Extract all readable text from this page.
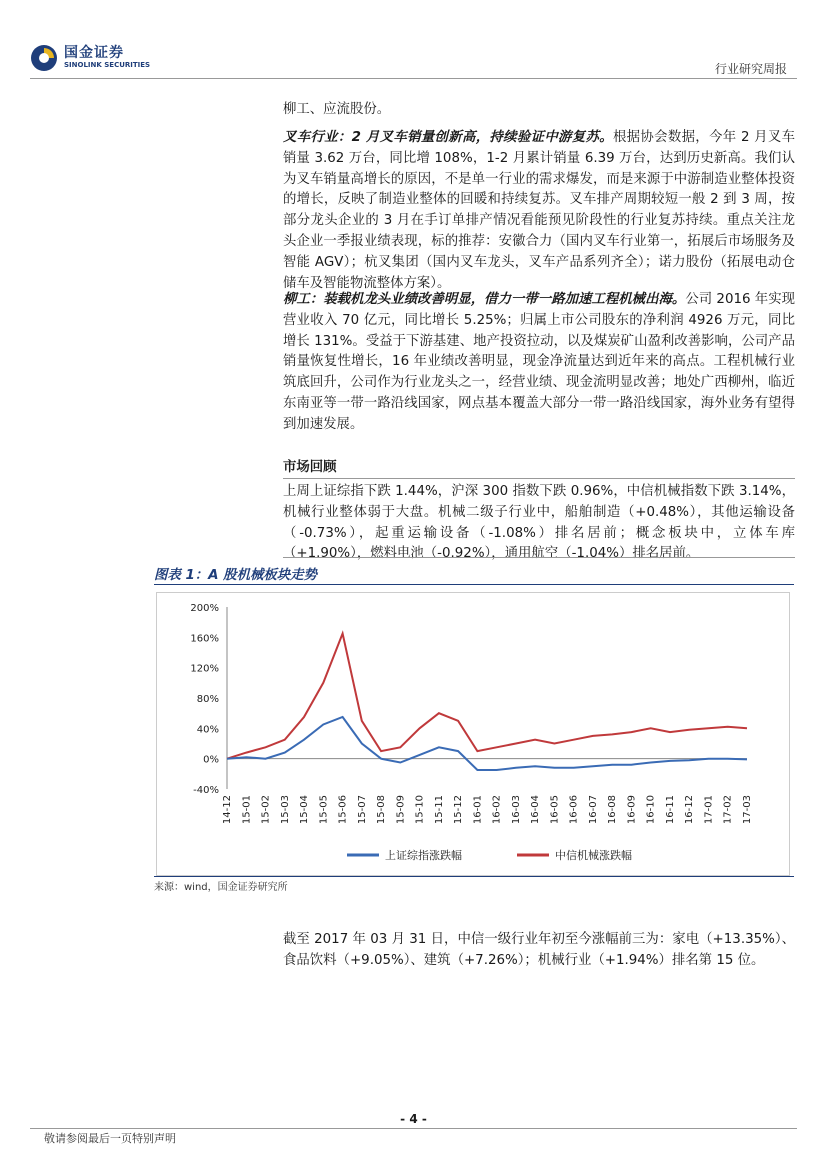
国金证券
SINOLINK SECURITIES	行业研究周报

柳工、应流股份。

叉车行业：2 月叉车销量创新高，持续验证中游复苏。根据协会数据，今年 2 月叉车销量 3.62 万台，同比增 108%，1-2 月累计销量 6.39 万台，达到历史新高。我们认为叉车销量高增长的原因，不是单一行业的需求爆发，而是来源于中游制造业整体投资的增长，反映了制造业整体的回暖和持续复苏。叉车排产周期较短一般 2 到 3 周，按部分龙头企业的 3 月在手订单排产情况看能预见阶段性的行业复苏持续。重点关注龙头企业一季报业绩表现，标的推荐：安徽合力（国内叉车行业第一，拓展后市场服务及智能 AGV）；杭叉集团（国内叉车龙头，叉车产品系列齐全）；诺力股份（拓展电动仓储车及智能物流整体方案）。

柳工：装载机龙头业绩改善明显，借力一带一路加速工程机械出海。公司 2016 年实现营业收入 70 亿元，同比增长 5.25%；归属上市公司股东的净利润 4926 万元，同比增长 131%。受益于下游基建、地产投资拉动，以及煤炭矿山盈利改善影响，公司产品销量恢复性增长，16 年业绩改善明显，现金净流量达到近年来的高点。工程机械行业筑底回升，公司作为行业龙头之一，经营业绩、现金流明显改善；地处广西柳州，临近东南亚等一带一路沿线国家，网点基本覆盖大部分一带一路沿线国家，海外业务有望得到加速发展。

市场回顾

上周上证综指下跌 1.44%，沪深 300 指数下跌 0.96%，中信机械指数下跌 3.14%，机械行业整体弱于大盘。机械二级子行业中，船舶制造（+0.48%），其他运输设备（-0.73%），起重运输设备（-1.08%）排名居前；概念板块中，立体车库（+1.90%），燃料电池（-0.92%），通用航空（-1.04%）排名居前。

图表 1：A 股机械板块走势
-40%
0%
40%
80%
120%
160%
200%
14-12 15-01 15-02 15-03 15-04 15-05 15-06 15-07 15-08 15-09 15-10 15-11 15-12 16-01 16-02 16-03 16-04 16-05 16-06 16-07 16-08 16-09 16-10 16-11 16-12 17-01 17-02 17-03
上证综指涨跌幅	中信机械涨跌幅
来源：wind，国金证券研究所

截至 2017 年 03 月 31 日，中信一级行业年初至今涨幅前三为：家电（+13.35%）、食品饮料（+9.05%）、建筑（+7.26%）；机械行业（+1.94%）排名第 15 位。

- 4 -
敬请参阅最后一页特别声明
